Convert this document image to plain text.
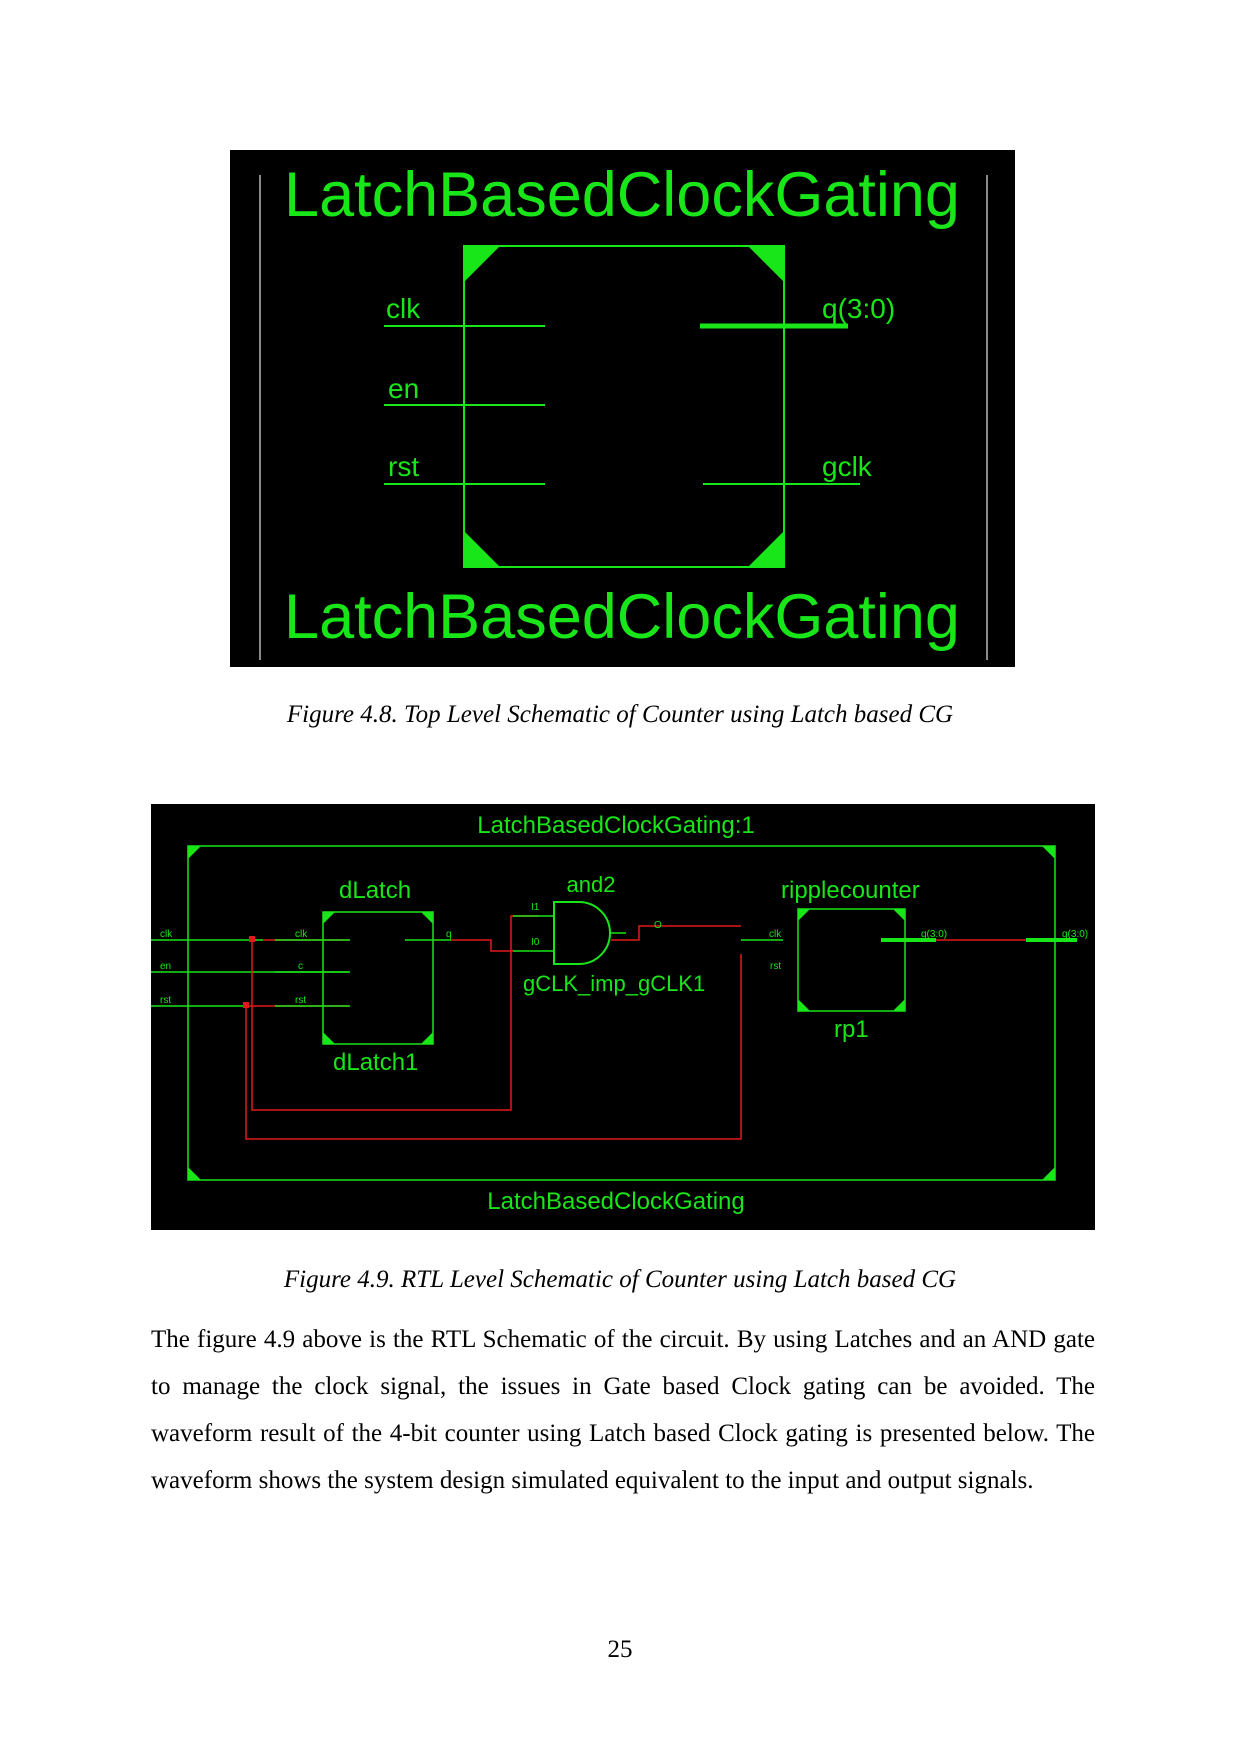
LatchBasedClockGating
LatchBasedClockGating
clk
en
rst
q(3:0)
gclk
Figure 4.8. Top Level Schematic of Counter using Latch based CG
LatchBasedClockGating:1
LatchBasedClockGating
clk
en
rst
dLatch
dLatch1
clk
c
rst
q
and2
gCLK_imp_gCLK1
I1
I0
O
ripplecounter
rp1
clk
rst
q(3:0)	q(3:0)
Figure 4.9. RTL Level Schematic of Counter using Latch based CG

The figure 4.9 above is the RTL Schematic of the circuit. By using Latches and an AND gate to manage the clock signal, the issues in Gate based Clock gating can be avoided. The waveform result of the 4-bit counter using Latch based Clock gating is presented below. The waveform shows the system design simulated equivalent to the input and output signals.

25
